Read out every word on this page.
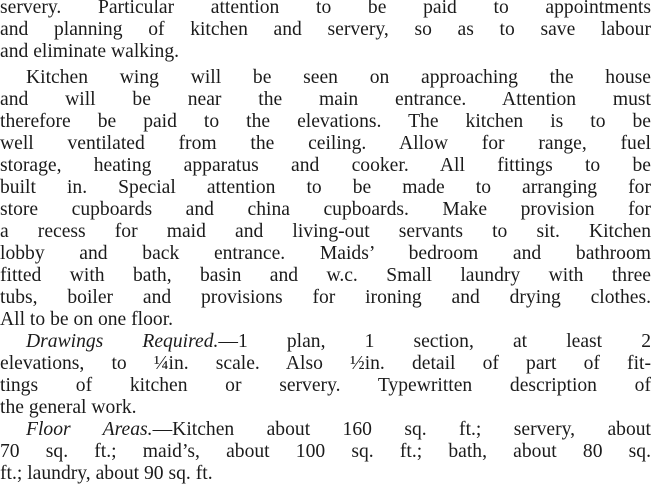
servery. Particular attention to be paid to appointments
and planning of kitchen and servery, so as to save labour
and eliminate walking.
Kitchen wing will be seen on approaching the house
and will be near the main entrance. Attention must
therefore be paid to the elevations. The kitchen is to be
well ventilated from the ceiling. Allow for range, fuel
storage, heating apparatus and cooker. All fittings to be
built in. Special attention to be made to arranging for
store cupboards and china cupboards. Make provision for
a recess for maid and living-out servants to sit. Kitchen
lobby and back entrance. Maids’ bedroom and bathroom
fitted with bath, basin and w.c. Small laundry with three
tubs, boiler and provisions for ironing and drying clothes.
All to be on one floor.
Drawings Required.—1 plan, 1 section, at least 2
elevations, to ¼in. scale. Also ½in. detail of part of fit-
tings of kitchen or servery. Typewritten description of
the general work.
Floor Areas.—Kitchen about 160 sq. ft.; servery, about
70 sq. ft.; maid’s, about 100 sq. ft.; bath, about 80 sq.
ft.; laundry, about 90 sq. ft.
